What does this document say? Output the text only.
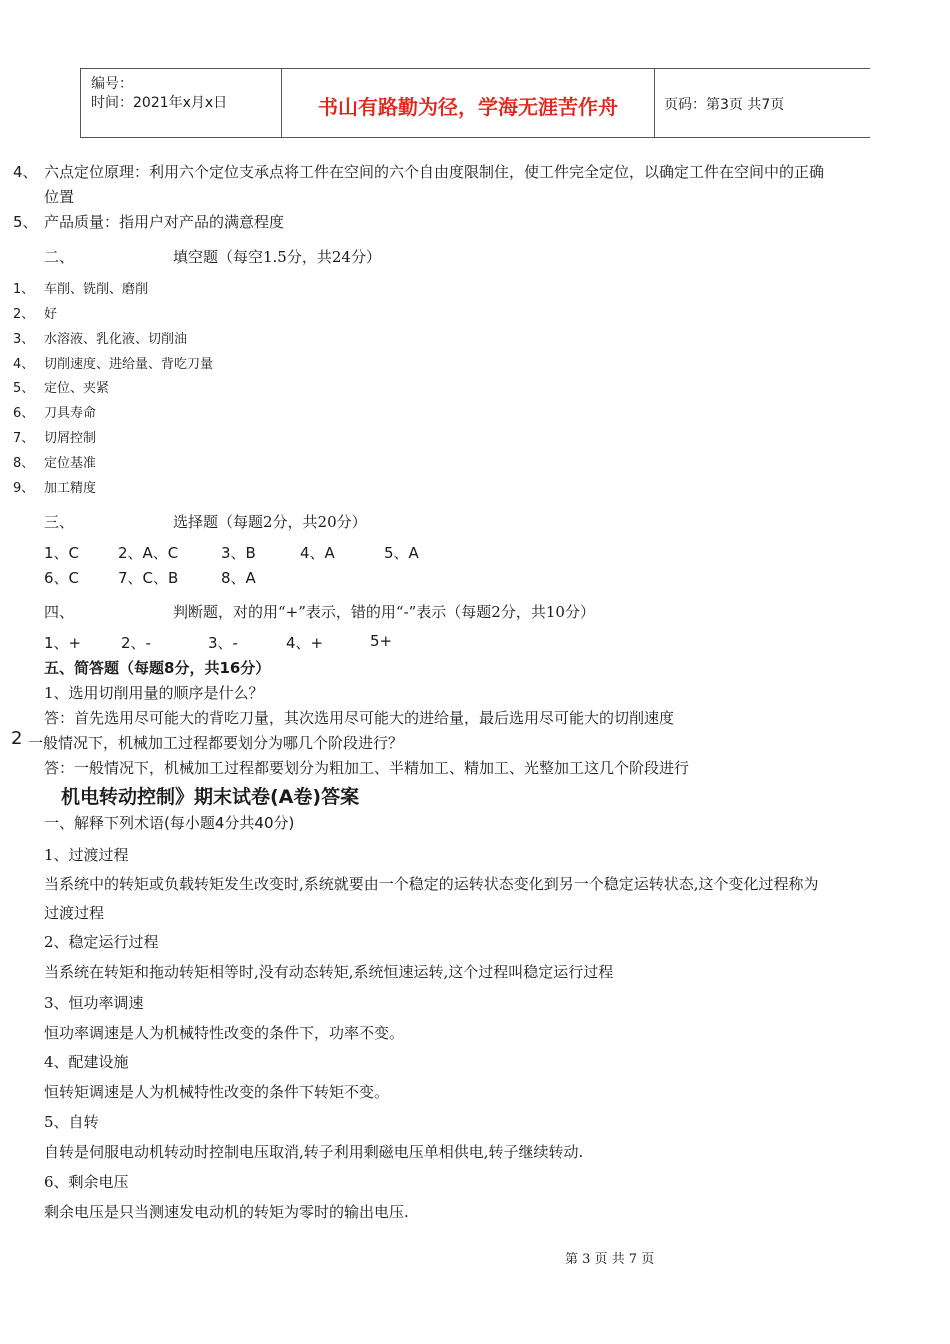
编号：
时间：2021年x月x日	书山有路勤为径，学海无涯苦作舟	页码：第3页 共7页
4、 六点定位原理：利用六个定位支承点将工件在空间的六个自由度限制住，使工件完全定位，以确定工件在空间中的正确
位置
5、 产品质量：指用户对产品的满意程度
二、	填空题（每空1.5分，共24分）
1、 车削、铣削、磨削
2、 好
3、 水溶液、乳化液、切削油
4、 切削速度、进给量、背吃刀量
5、 定位、夹紧
6、 刀具寿命
7、 切屑控制
8、 定位基准
9、 加工精度
三、	选择题（每题2分，共20分）
1、C	2、A、C	3、B	4、A	5、A
6、C	7、C、B	8、A
四、	判断题，对的用“+”表示，错的用“-”表示（每题2分，共10分）
1、+	2、-	3、-	4、+	5+
五、简答题（每题8分，共16分）
1、选用切削用量的顺序是什么？
答：首先选用尽可能大的背吃刀量，其次选用尽可能大的进给量，最后选用尽可能大的切削速度
2 一般情况下，机械加工过程都要划分为哪几个阶段进行？
答：一般情况下，机械加工过程都要划分为粗加工、半精加工、精加工、光整加工这几个阶段进行
机电转动控制》期末试卷(A卷)答案
一、解释下列术语(每小题4分共40分)
1、过渡过程
当系统中的转矩或负载转矩发生改变时,系统就要由一个稳定的运转状态变化到另一个稳定运转状态,这个变化过程称为
过渡过程
2、稳定运行过程
当系统在转矩和拖动转矩相等时,没有动态转矩,系统恒速运转,这个过程叫稳定运行过程
3、恒功率调速
恒功率调速是人为机械特性改变的条件下，功率不变。
4、配建设施
恒转矩调速是人为机械特性改变的条件下转矩不变。
5、自转
自转是伺服电动机转动时控制电压取消,转子利用剩磁电压单相供电,转子继续转动.
6、剩余电压
剩余电压是只当测速发电动机的转矩为零时的输出电压.
第 3 页 共 7 页
